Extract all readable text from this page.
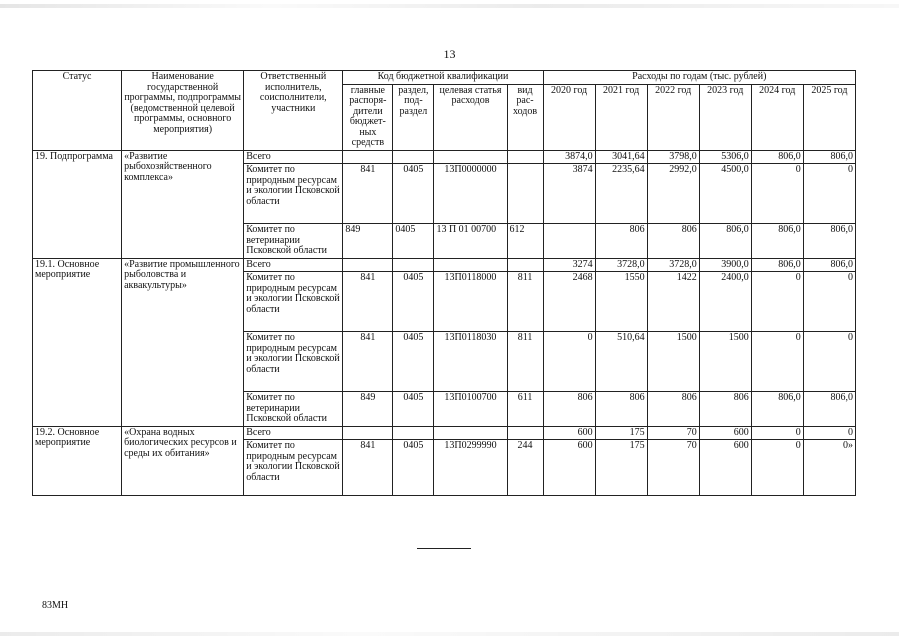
13
Статус	Наименование государственной программы, подпрограммы (ведомственной целевой программы, основного мероприятия)	Ответственный исполнитель, соисполнители, участники	Код бюджетной квалификации				Расходы по годам (тыс. рублей)					
			главные распоря-дители бюджет-ных средств	раздел, под-раздел	целевая статья расходов	вид рас-ходов	2020 год	2021 год	2022 год	2023 год	2024 год	2025 год
19. Подпрограмма	«Развитие рыбохозяйственного комплекса»	Всего					3874,0	3041,64	3798,0	5306,0	806,0	806,0
		Комитет по природным ресурсам и экологии Псковской области	841	0405	13П0000000		3874	2235,64	2992,0	4500,0	0	0
		Комитет по ветеринарии Псковской области	849	0405	13 П 01 00700	612		806	806	806,0	806,0	806,0
19.1. Основное мероприятие	«Развитие промышленного рыболовства и аквакультуры»	Всего					3274	3728,0	3728,0	3900,0	806,0	806,0
		Комитет по природным ресурсам и экологии Псковской области	841	0405	13П0118000	811	2468	1550	1422	2400,0	0	0
		Комитет по природным ресурсам и экологии Псковской области	841	0405	13П0118030	811	0	510,64	1500	1500	0	0
		Комитет по ветеринарии Псковской области	849	0405	13П0100700	611	806	806	806	806	806,0	806,0
19.2. Основное мероприятие	«Охрана водных биологических ресурсов и среды их обитания»	Всего					600	175	70	600	0	0
		Комитет по природным ресурсам и экологии Псковской области	841	0405	13П0299990	244	600	175	70	600	0	0»
83МН
